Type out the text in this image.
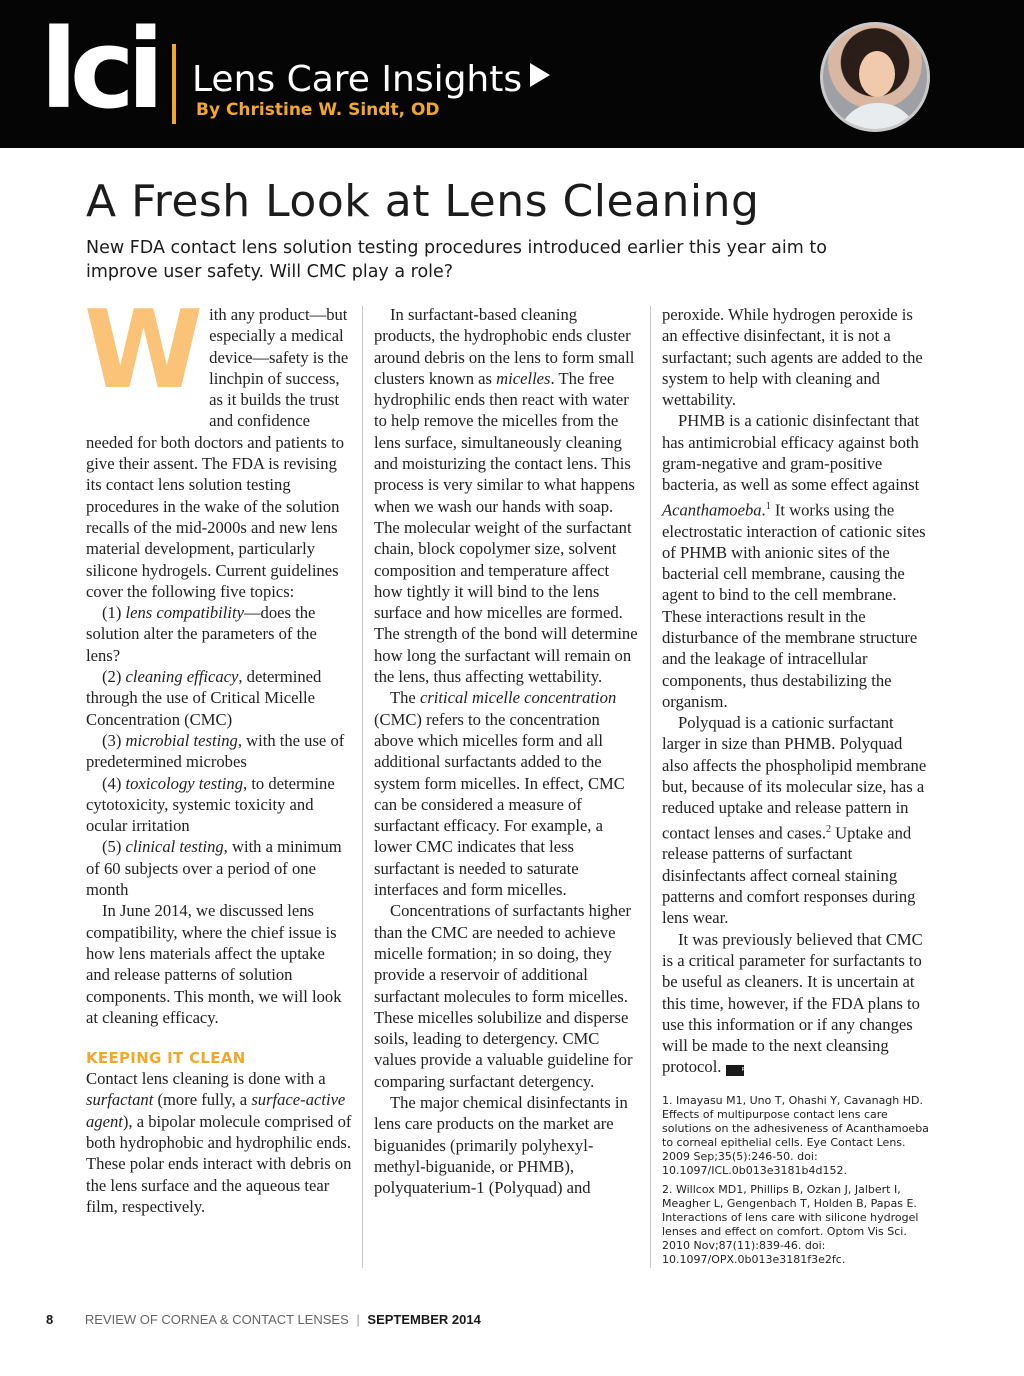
lci Lens Care Insights
By Christine W. Sindt, OD
A Fresh Look at Lens Cleaning

New FDA contact lens solution testing procedures introduced earlier this year aim to improve user safety. Will CMC play a role?

With any product—but especially a medical device—safety is the linchpin of success, as it builds the trust and confidence needed for both doctors and patients to give their assent. The FDA is revising its contact lens solution testing procedures in the wake of the solution recalls of the mid-2000s and new lens material development, particularly silicone hydrogels. Current guidelines cover the following five topics:

(1) lens compatibility—does the solution alter the parameters of the lens?

(2) cleaning efficacy, determined through the use of Critical Micelle Concentration (CMC)

(3) microbial testing, with the use of predetermined microbes

(4) toxicology testing, to determine cytotoxicity, systemic toxicity and ocular irritation

(5) clinical testing, with a minimum of 60 subjects over a period of one month

In June 2014, we discussed lens compatibility, where the chief issue is how lens materials affect the uptake and release patterns of solution components. This month, we will look at cleaning efficacy.

KEEPING IT CLEAN

Contact lens cleaning is done with a surfactant (more fully, a surface-active agent), a bipolar molecule comprised of both hydrophobic and hydrophilic ends. These polar ends interact with debris on the lens surface and the aqueous tear film, respectively.

In surfactant-based cleaning products, the hydrophobic ends cluster around debris on the lens to form small clusters known as micelles. The free hydrophilic ends then react with water to help remove the micelles from the lens surface, simultaneously cleaning and moisturizing the contact lens. This process is very similar to what happens when we wash our hands with soap. The molecular weight of the surfactant chain, block copolymer size, solvent composition and temperature affect how tightly it will bind to the lens surface and how micelles are formed. The strength of the bond will determine how long the surfactant will remain on the lens, thus affecting wettability.

The critical micelle concentration (CMC) refers to the concentration above which micelles form and all additional surfactants added to the system form micelles. In effect, CMC can be considered a measure of surfactant efficacy. For example, a lower CMC indicates that less surfactant is needed to saturate interfaces and form micelles.

Concentrations of surfactants higher than the CMC are needed to achieve micelle formation; in so doing, they provide a reservoir of additional surfactant molecules to form micelles. These micelles solubilize and disperse soils, leading to detergency. CMC values provide a valuable guideline for comparing surfactant detergency.

The major chemical disinfectants in lens care products on the market are biguanides (primarily polyhexyl-methyl-biguanide, or PHMB), polyquaterium-1 (Polyquad) and

peroxide. While hydrogen peroxide is an effective disinfectant, it is not a surfactant; such agents are added to the system to help with cleaning and wettability.

PHMB is a cationic disinfectant that has antimicrobial efficacy against both gram-negative and gram-positive bacteria, as well as some effect against Acanthamoeba.$^1$ It works using the electrostatic interaction of cationic sites of PHMB with anionic sites of the bacterial cell membrane, causing the agent to bind to the cell membrane. These interactions result in the disturbance of the membrane structure and the leakage of intracellular components, thus destabilizing the organism.

Polyquad is a cationic surfactant larger in size than PHMB. Polyquad also affects the phospholipid membrane but, because of its molecular size, has a reduced uptake and release pattern in contact lenses and cases.$^2$ Uptake and release patterns of surfactant disinfectants affect corneal staining patterns and comfort responses during lens wear.

It was previously believed that CMC is a critical parameter for surfactants to be useful as cleaners. It is uncertain at this time, however, if the FDA plans to use this information or if any changes will be made to the next cleansing protocol.	RCCL

1. Imayasu M1, Uno T, Ohashi Y, Cavanagh HD. Effects of multipurpose contact lens care solutions on the adhesiveness of Acanthamoeba to corneal epithelial cells. Eye Contact Lens. 2009 Sep;35(5):246-50. doi: 10.1097/ICL.0b013e3181b4d152.

2. Willcox MD1, Phillips B, Ozkan J, Jalbert I, Meagher L, Gengenbach T, Holden B, Papas E. Interactions of lens care with silicone hydrogel lenses and effect on comfort. Optom Vis Sci. 2010 Nov;87(11):839-46. doi: 10.1097/OPX.0b013e3181f3e2fc.

8 REVIEW OF CORNEA & CONTACT LENSES | SEPTEMBER 2014
